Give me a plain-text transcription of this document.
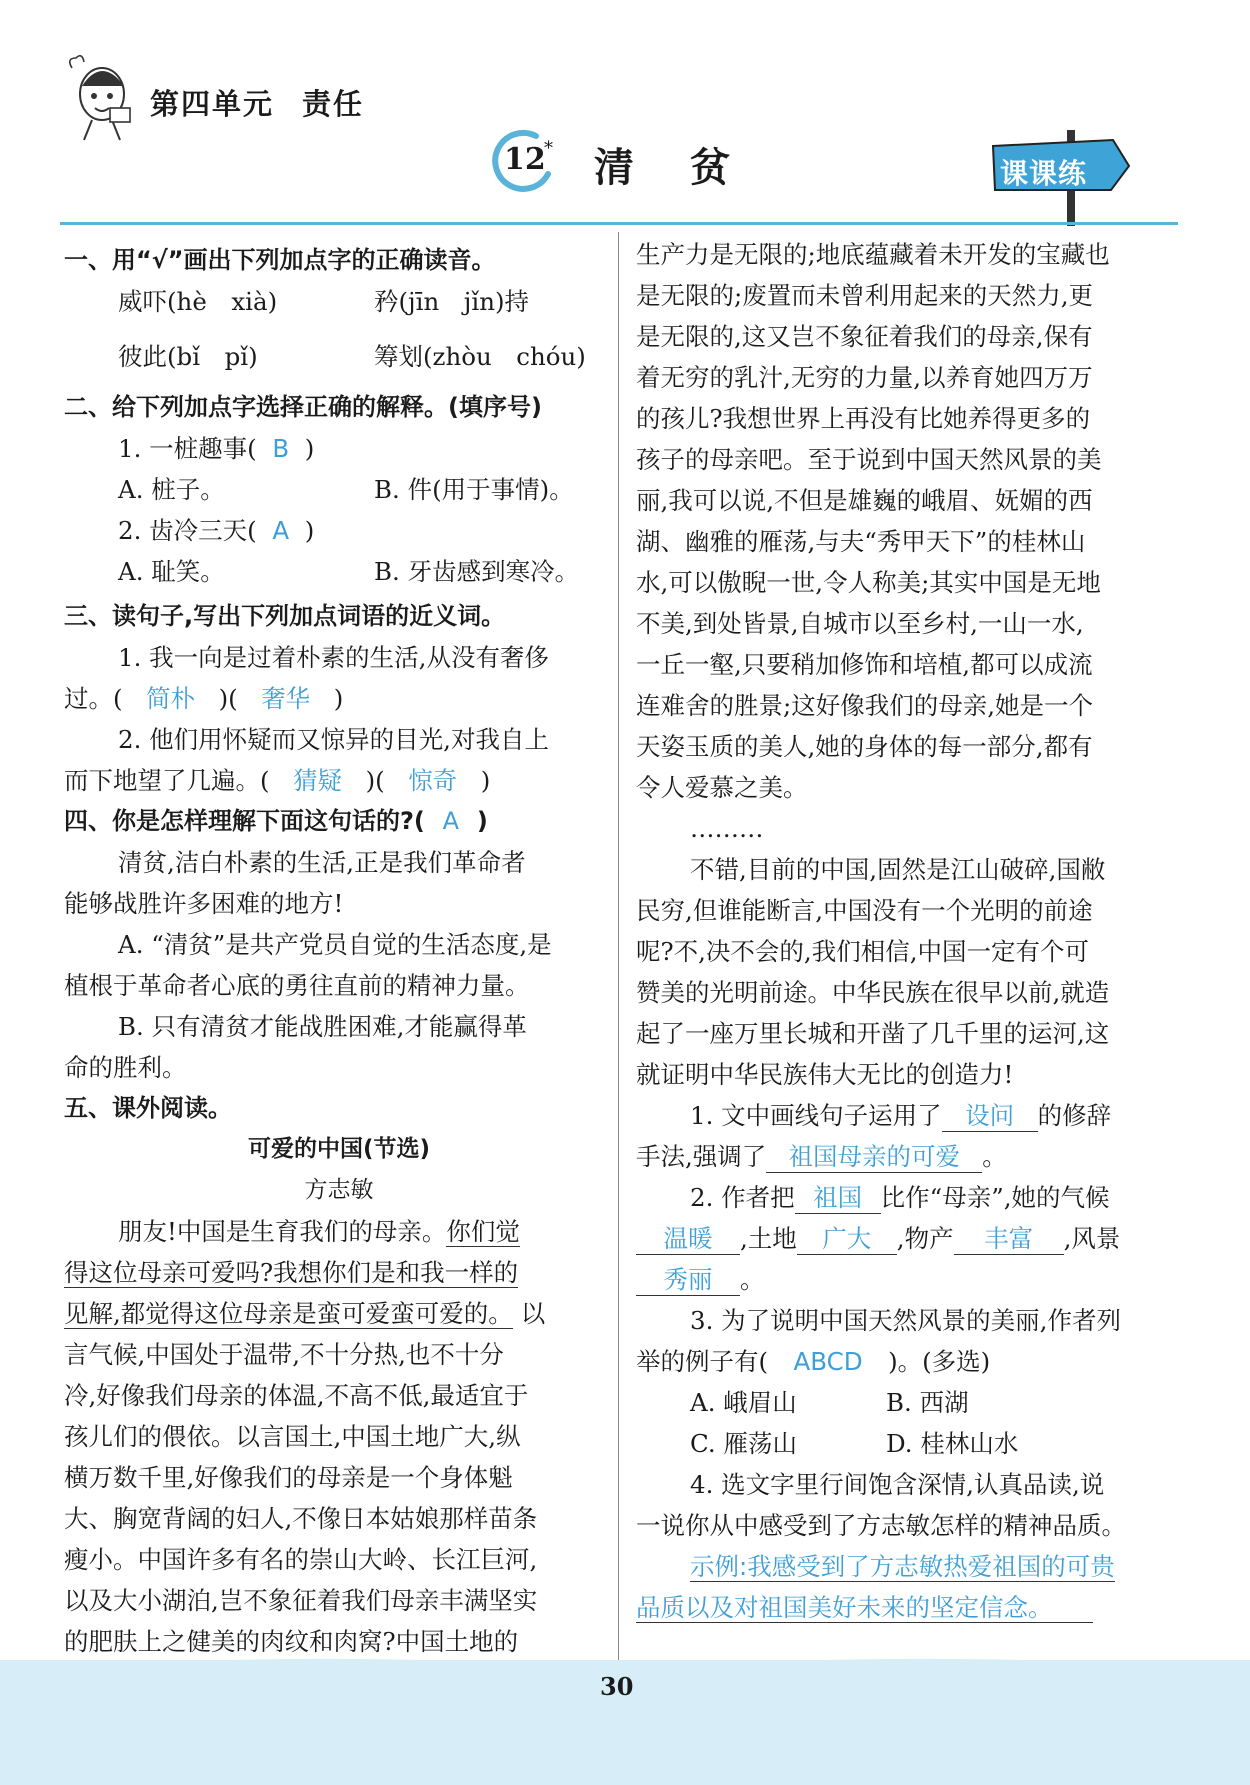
第四单元 责任
12
* 清贫	课课练
一、用“√”画出下列加点字的正确读音。
威吓(hè　xià)	矜(jīn　jǐn)持
彼此(bǐ　pǐ)	筹划(zhòu　chóu)
二、给下列加点字选择正确的解释。(填序号)
1. 一桩趣事( B )
A. 桩子。	B. 件(用于事情)。
2. 齿冷三天( A )
A. 耻笑。	B. 牙齿感到寒冷。
三、读句子,写出下列加点词语的近义词。
1. 我一向是过着朴素的生活,从没有奢侈
过。( 简朴 )( 奢华 )
2. 他们用怀疑而又惊异的目光,对我自上
而下地望了几遍。( 猜疑 )( 惊奇 )
四、你是怎样理解下面这句话的?( A )
清贫,洁白朴素的生活,正是我们革命者
能够战胜许多困难的地方!
A. “清贫”是共产党员自觉的生活态度,是
植根于革命者心底的勇往直前的精神力量。
B. 只有清贫才能战胜困难,才能赢得革
命的胜利。
五、课外阅读。
可爱的中国(节选)
方志敏
朋友!中国是生育我们的母亲。你们觉
得这位母亲可爱吗?我想你们是和我一样的
见解,都觉得这位母亲是蛮可爱蛮可爱的。 以
言气候,中国处于温带,不十分热,也不十分
冷,好像我们母亲的体温,不高不低,最适宜于
孩儿们的偎依。以言国土,中国土地广大,纵
横万数千里,好像我们的母亲是一个身体魁
大、胸宽背阔的妇人,不像日本姑娘那样苗条
瘦小。中国许多有名的崇山大岭、长江巨河,
以及大小湖泊,岂不象征着我们母亲丰满坚实
的肥肤上之健美的肉纹和肉窝?中国土地的
生产力是无限的;地底蕴藏着未开发的宝藏也
是无限的;废置而未曾利用起来的天然力,更
是无限的,这又岂不象征着我们的母亲,保有
着无穷的乳汁,无穷的力量,以养育她四万万
的孩儿?我想世界上再没有比她养得更多的
孩子的母亲吧。至于说到中国天然风景的美
丽,我可以说,不但是雄巍的峨眉、妩媚的西
湖、幽雅的雁荡,与夫“秀甲天下”的桂林山
水,可以傲睨一世,令人称美;其实中国是无地
不美,到处皆景,自城市以至乡村,一山一水,
一丘一壑,只要稍加修饰和培植,都可以成流
连难舍的胜景;这好像我们的母亲,她是一个
天姿玉质的美人,她的身体的每一部分,都有
令人爱慕之美。
………
不错,目前的中国,固然是江山破碎,国敝
民穷,但谁能断言,中国没有一个光明的前途
呢?不,决不会的,我们相信,中国一定有个可
赞美的光明前途。中华民族在很早以前,就造
起了一座万里长城和开凿了几千里的运河,这
就证明中华民族伟大无比的创造力!
1. 文中画线句子运用了 设问 的修辞
手法,强调了 祖国母亲的可爱 。
2. 作者把 祖国 比作“母亲”,她的气候
温暖 ,土地 广大 ,物产 丰富 ,风景
秀丽 。
3. 为了说明中国天然风景的美丽,作者列
举的例子有( ABCD )。(多选)
A. 峨眉山	B. 西湖
C. 雁荡山	D. 桂林山水
4. 选文字里行间饱含深情,认真品读,说
一说你从中感受到了方志敏怎样的精神品质。
示例:我感受到了方志敏热爱祖国的可贵
品质以及对祖国美好未来的坚定信念。
30
